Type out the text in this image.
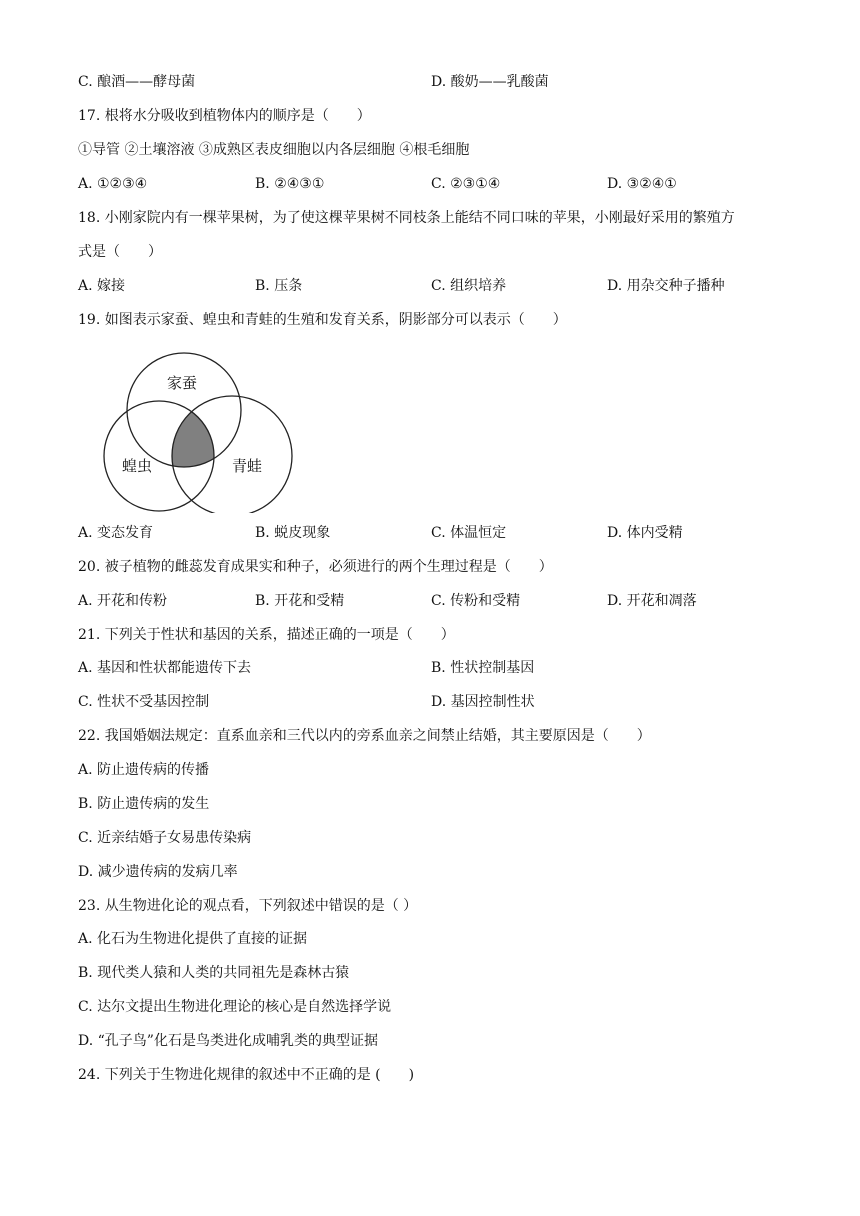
C. 酿酒——酵母菌	D. 酸奶——乳酸菌
17. 根将水分吸收到植物体内的顺序是（　　）
①导管 ②土壤溶液 ③成熟区表皮细胞以内各层细胞 ④根毛细胞
A. ①②③④	B. ②④③①	C. ②③①④	D. ③②④①
18. 小刚家院内有一棵苹果树，为了使这棵苹果树不同枝条上能结不同口味的苹果，小刚最好采用的繁殖方
式是（　　）
A. 嫁接	B. 压条	C. 组织培养	D. 用杂交种子播种
19. 如图表示家蚕、蝗虫和青蛙的生殖和发育关系，阴影部分可以表示（　　）
家蚕
蝗虫	青蛙
A. 变态发育	B. 蜕皮现象	C. 体温恒定	D. 体内受精
20. 被子植物的雌蕊发育成果实和种子，必须进行的两个生理过程是（　　）
A. 开花和传粉	B. 开花和受精	C. 传粉和受精	D. 开花和凋落
21. 下列关于性状和基因的关系，描述正确的一项是（　　）
A. 基因和性状都能遗传下去	B. 性状控制基因
C. 性状不受基因控制	D. 基因控制性状
22. 我国婚姻法规定：直系血亲和三代以内的旁系血亲之间禁止结婚，其主要原因是（　　）
A. 防止遗传病的传播
B. 防止遗传病的发生
C. 近亲结婚子女易患传染病
D. 减少遗传病的发病几率
23. 从生物进化论的观点看，下列叙述中错误的是（ ）
A. 化石为生物进化提供了直接的证据
B. 现代类人猿和人类的共同祖先是森林古猿
C. 达尔文提出生物进化理论的核心是自然选择学说
D. “孔子鸟”化石是鸟类进化成哺乳类的典型证据
24. 下列关于生物进化规律的叙述中不正确的是 (　　)
